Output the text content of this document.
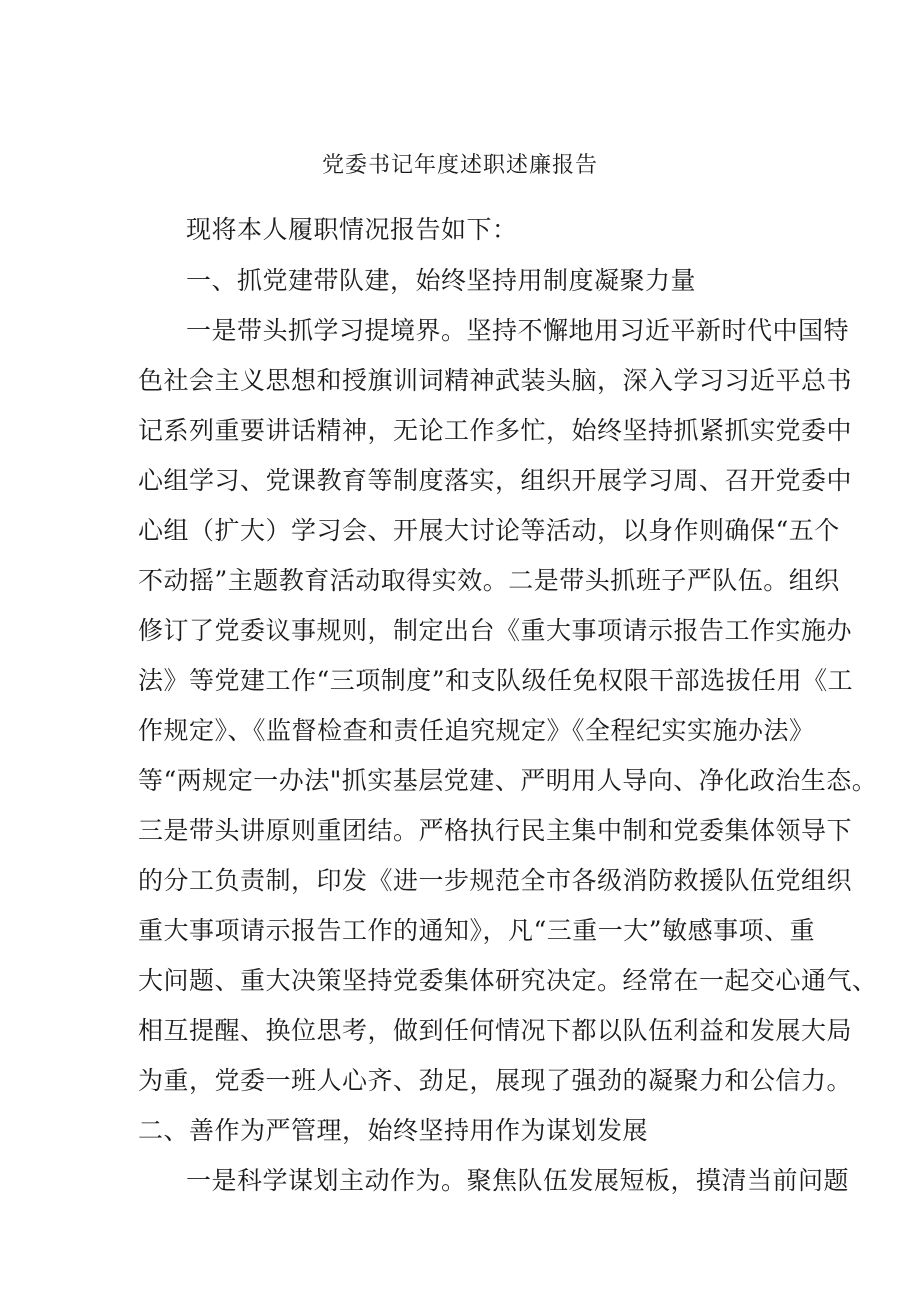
党委书记年度述职述廉报告
现将本人履职情况报告如下：
一、抓党建带队建，始终坚持用制度凝聚力量
一是带头抓学习提境界。坚持不懈地用习近平新时代中国特
色社会主义思想和授旗训词精神武装头脑，深入学习习近平总书
记系列重要讲话精神，无论工作多忙，始终坚持抓紧抓实党委中
心组学习、党课教育等制度落实，组织开展学习周、召开党委中
心组（扩大）学习会、开展大讨论等活动，以身作则确保“五个
不动摇”主题教育活动取得实效。二是带头抓班子严队伍。组织
修订了党委议事规则，制定出台《重大事项请示报告工作实施办
法》等党建工作“三项制度”和支队级任免权限干部选拔任用《工
作规定》、《监督检查和责任追究规定》《全程纪实实施办法》
等“两规定一办法"抓实基层党建、严明用人导向、净化政治生态。
三是带头讲原则重团结。严格执行民主集中制和党委集体领导下
的分工负责制，印发《进一步规范全市各级消防救援队伍党组织
重大事项请示报告工作的通知》，凡“三重一大”敏感事项、重
大问题、重大决策坚持党委集体研究决定。经常在一起交心通气、
相互提醒、换位思考，做到任何情况下都以队伍利益和发展大局
为重，党委一班人心齐、劲足，展现了强劲的凝聚力和公信力。
二、善作为严管理，始终坚持用作为谋划发展
一是科学谋划主动作为。聚焦队伍发展短板，摸清当前问题
